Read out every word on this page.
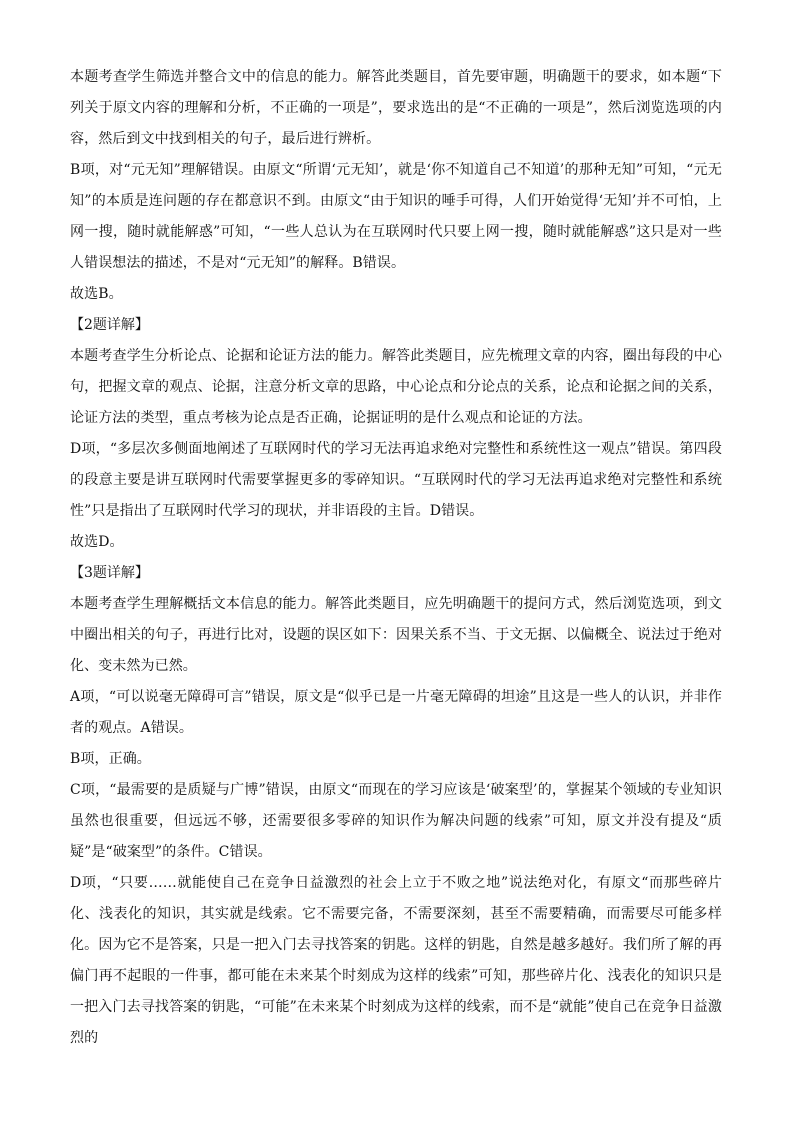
本题考查学生筛选并整合文中的信息的能力。解答此类题目，首先要审题，明确题干的要求，如本题“下列关于原文内容的理解和分析，不正确的一项是”，要求选出的是“不正确的一项是”，然后浏览选项的内容，然后到文中找到相关的句子，最后进行辨析。

B项，对“元无知”理解错误。由原文“所谓‘元无知’，就是‘你不知道自己不知道’的那种无知”可知，“元无知”的本质是连问题的存在都意识不到。由原文“由于知识的唾手可得，人们开始觉得‘无知’并不可怕，上网一搜，随时就能解惑”可知，“一些人总认为在互联网时代只要上网一搜，随时就能解惑”这只是对一些人错误想法的描述，不是对“元无知”的解释。B错误。

故选B。

【2题详解】

本题考查学生分析论点、论据和论证方法的能力。解答此类题目，应先梳理文章的内容，圈出每段的中心句，把握文章的观点、论据，注意分析文章的思路，中心论点和分论点的关系，论点和论据之间的关系，论证方法的类型，重点考核为论点是否正确，论据证明的是什么观点和论证的方法。

D项，“多层次多侧面地阐述了互联网时代的学习无法再追求绝对完整性和系统性这一观点”错误。第四段的段意主要是讲互联网时代需要掌握更多的零碎知识。“互联网时代的学习无法再追求绝对完整性和系统性”只是指出了互联网时代学习的现状，并非语段的主旨。D错误。

故选D。

【3题详解】

本题考查学生理解概括文本信息的能力。解答此类题目，应先明确题干的提问方式，然后浏览选项，到文中圈出相关的句子，再进行比对，设题的误区如下：因果关系不当、于文无据、以偏概全、说法过于绝对化、变未然为已然。

A项，“可以说毫无障碍可言”错误，原文是“似乎已是一片毫无障碍的坦途”且这是一些人的认识，并非作者的观点。A错误。

B项，正确。

C项，“最需要的是质疑与广博”错误，由原文“而现在的学习应该是‘破案型’的，掌握某个领域的专业知识虽然也很重要，但远远不够，还需要很多零碎的知识作为解决问题的线索”可知，原文并没有提及“质疑”是“破案型”的条件。C错误。

D项，“只要……就能使自己在竞争日益激烈的社会上立于不败之地”说法绝对化，有原文“而那些碎片化、浅表化的知识，其实就是线索。它不需要完备，不需要深刻，甚至不需要精确，而需要尽可能多样化。因为它不是答案，只是一把入门去寻找答案的钥匙。这样的钥匙，自然是越多越好。我们所了解的再偏门再不起眼的一件事，都可能在未来某个时刻成为这样的线索”可知，那些碎片化、浅表化的知识只是一把入门去寻找答案的钥匙，“可能”在未来某个时刻成为这样的线索，而不是“就能”使自己在竞争日益激烈的
